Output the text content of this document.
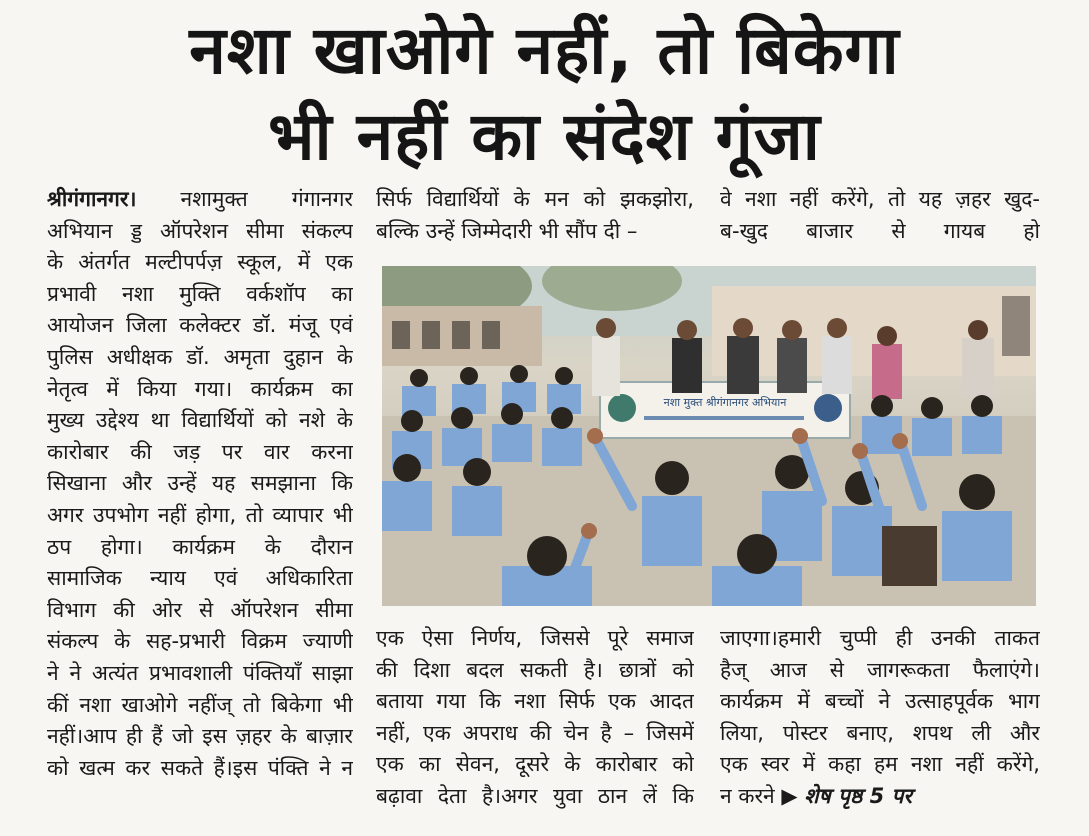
नशा खाओगे नहीं, तो बिकेगा
भी नहीं का संदेश गूंजा
श्रीगंगानगर। नशामुक्त गंगानगर
अभियान ड्ड ऑपरेशन सीमा संकल्प
के अंतर्गत मल्टीपर्पज़ स्कूल, में एक
प्रभावी नशा मुक्ति वर्कशॉप का
आयोजन जिला कलेक्टर डॉ. मंजू एवं
पुलिस अधीक्षक डॉ. अमृता दुहान के
नेतृत्व में किया गया। कार्यक्रम का
मुख्य उद्देश्य था विद्यार्थियों को नशे के
कारोबार की जड़ पर वार करना
सिखाना और उन्हें यह समझाना कि
अगर उपभोग नहीं होगा, तो व्यापार भी
ठप होगा। कार्यक्रम के दौरान
सामाजिक न्याय एवं अधिकारिता
विभाग की ओर से ऑपरेशन सीमा
संकल्प के सह-प्रभारी विक्रम ज्याणी
ने ने अत्यंत प्रभावशाली पंक्तियाँ साझा
कीं नशा खाओगे नहींज् तो बिकेगा भी
नहीं।आप ही हैं जो इस ज़हर के बाज़ार
को खत्म कर सकते हैं।इस पंक्ति ने न
सिर्फ विद्यार्थियों के मन को झकझोरा,
बल्कि उन्हें जिम्मेदारी भी सौंप दी –
वे नशा नहीं करेंगे, तो यह ज़हर खुद-
ब-खुद बाजार से गायब हो
नशा मुक्त श्रीगंगानगर अभियान
एक ऐसा निर्णय, जिससे पूरे समाज
की दिशा बदल सकती है। छात्रों को
बताया गया कि नशा सिर्फ एक आदत
नहीं, एक अपराध की चेन है – जिसमें
एक का सेवन, दूसरे के कारोबार को
बढ़ावा देता है।अगर युवा ठान लें कि
जाएगा।हमारी चुप्पी ही उनकी ताकत
हैज् आज से जागरूकता फैलाएंगे।
कार्यक्रम में बच्चों ने उत्साहपूर्वक भाग
लिया, पोस्टर बनाए, शपथ ली और
एक स्वर में कहा हम नशा नहीं करेंगे,
न करने ▶ शेष पृष्ठ 5 पर
